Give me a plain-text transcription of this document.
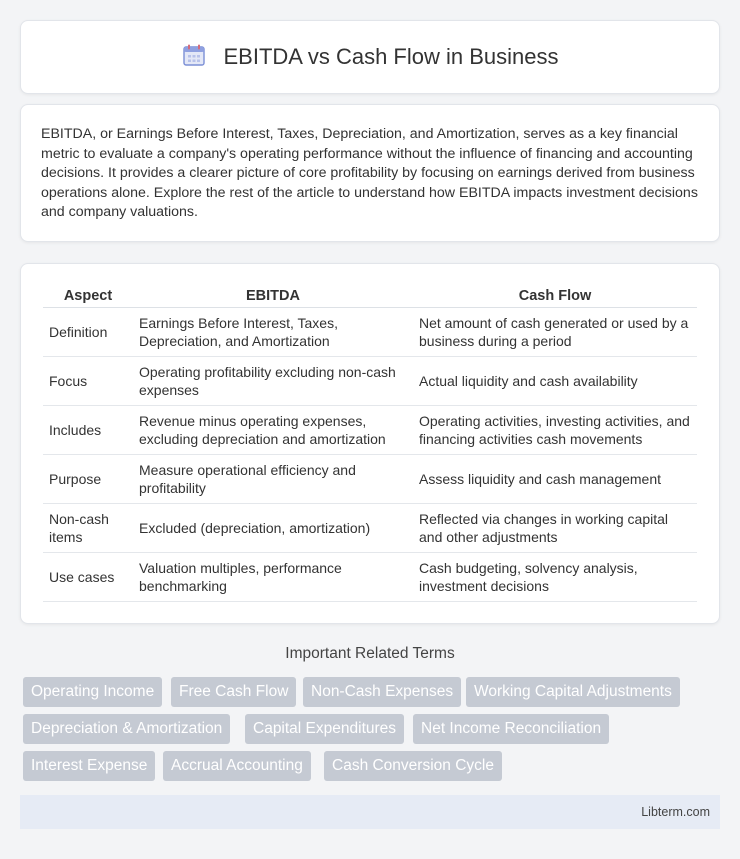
EBITDA vs Cash Flow in Business

EBITDA, or Earnings Before Interest, Taxes, Depreciation, and Amortization, serves as a key financial metric to evaluate a company's operating performance without the influence of financing and accounting decisions. It provides a clearer picture of core profitability by focusing on earnings derived from business operations alone. Explore the rest of the article to understand how EBITDA impacts investment decisions and company valuations.

Aspect	EBITDA	Cash Flow
Definition	Earnings Before Interest, Taxes, Depreciation, and Amortization	Net amount of cash generated or used by a business during a period
Focus	Operating profitability excluding non-cash expenses	Actual liquidity and cash availability
Includes	Revenue minus operating expenses, excluding depreciation and amortization	Operating activities, investing activities, and financing activities cash movements
Purpose	Measure operational efficiency and profitability	Assess liquidity and cash management
Non-cash items	Excluded (depreciation, amortization)	Reflected via changes in working capital and other adjustments
Use cases	Valuation multiples, performance benchmarking	Cash budgeting, solvency analysis, investment decisions
Important Related Terms
Operating Income	Free Cash Flow	Non-Cash Expenses	Working Capital Adjustments
Depreciation & Amortization	Capital Expenditures	Net Income Reconciliation
Interest Expense	Accrual Accounting	Cash Conversion Cycle
Libterm.com
